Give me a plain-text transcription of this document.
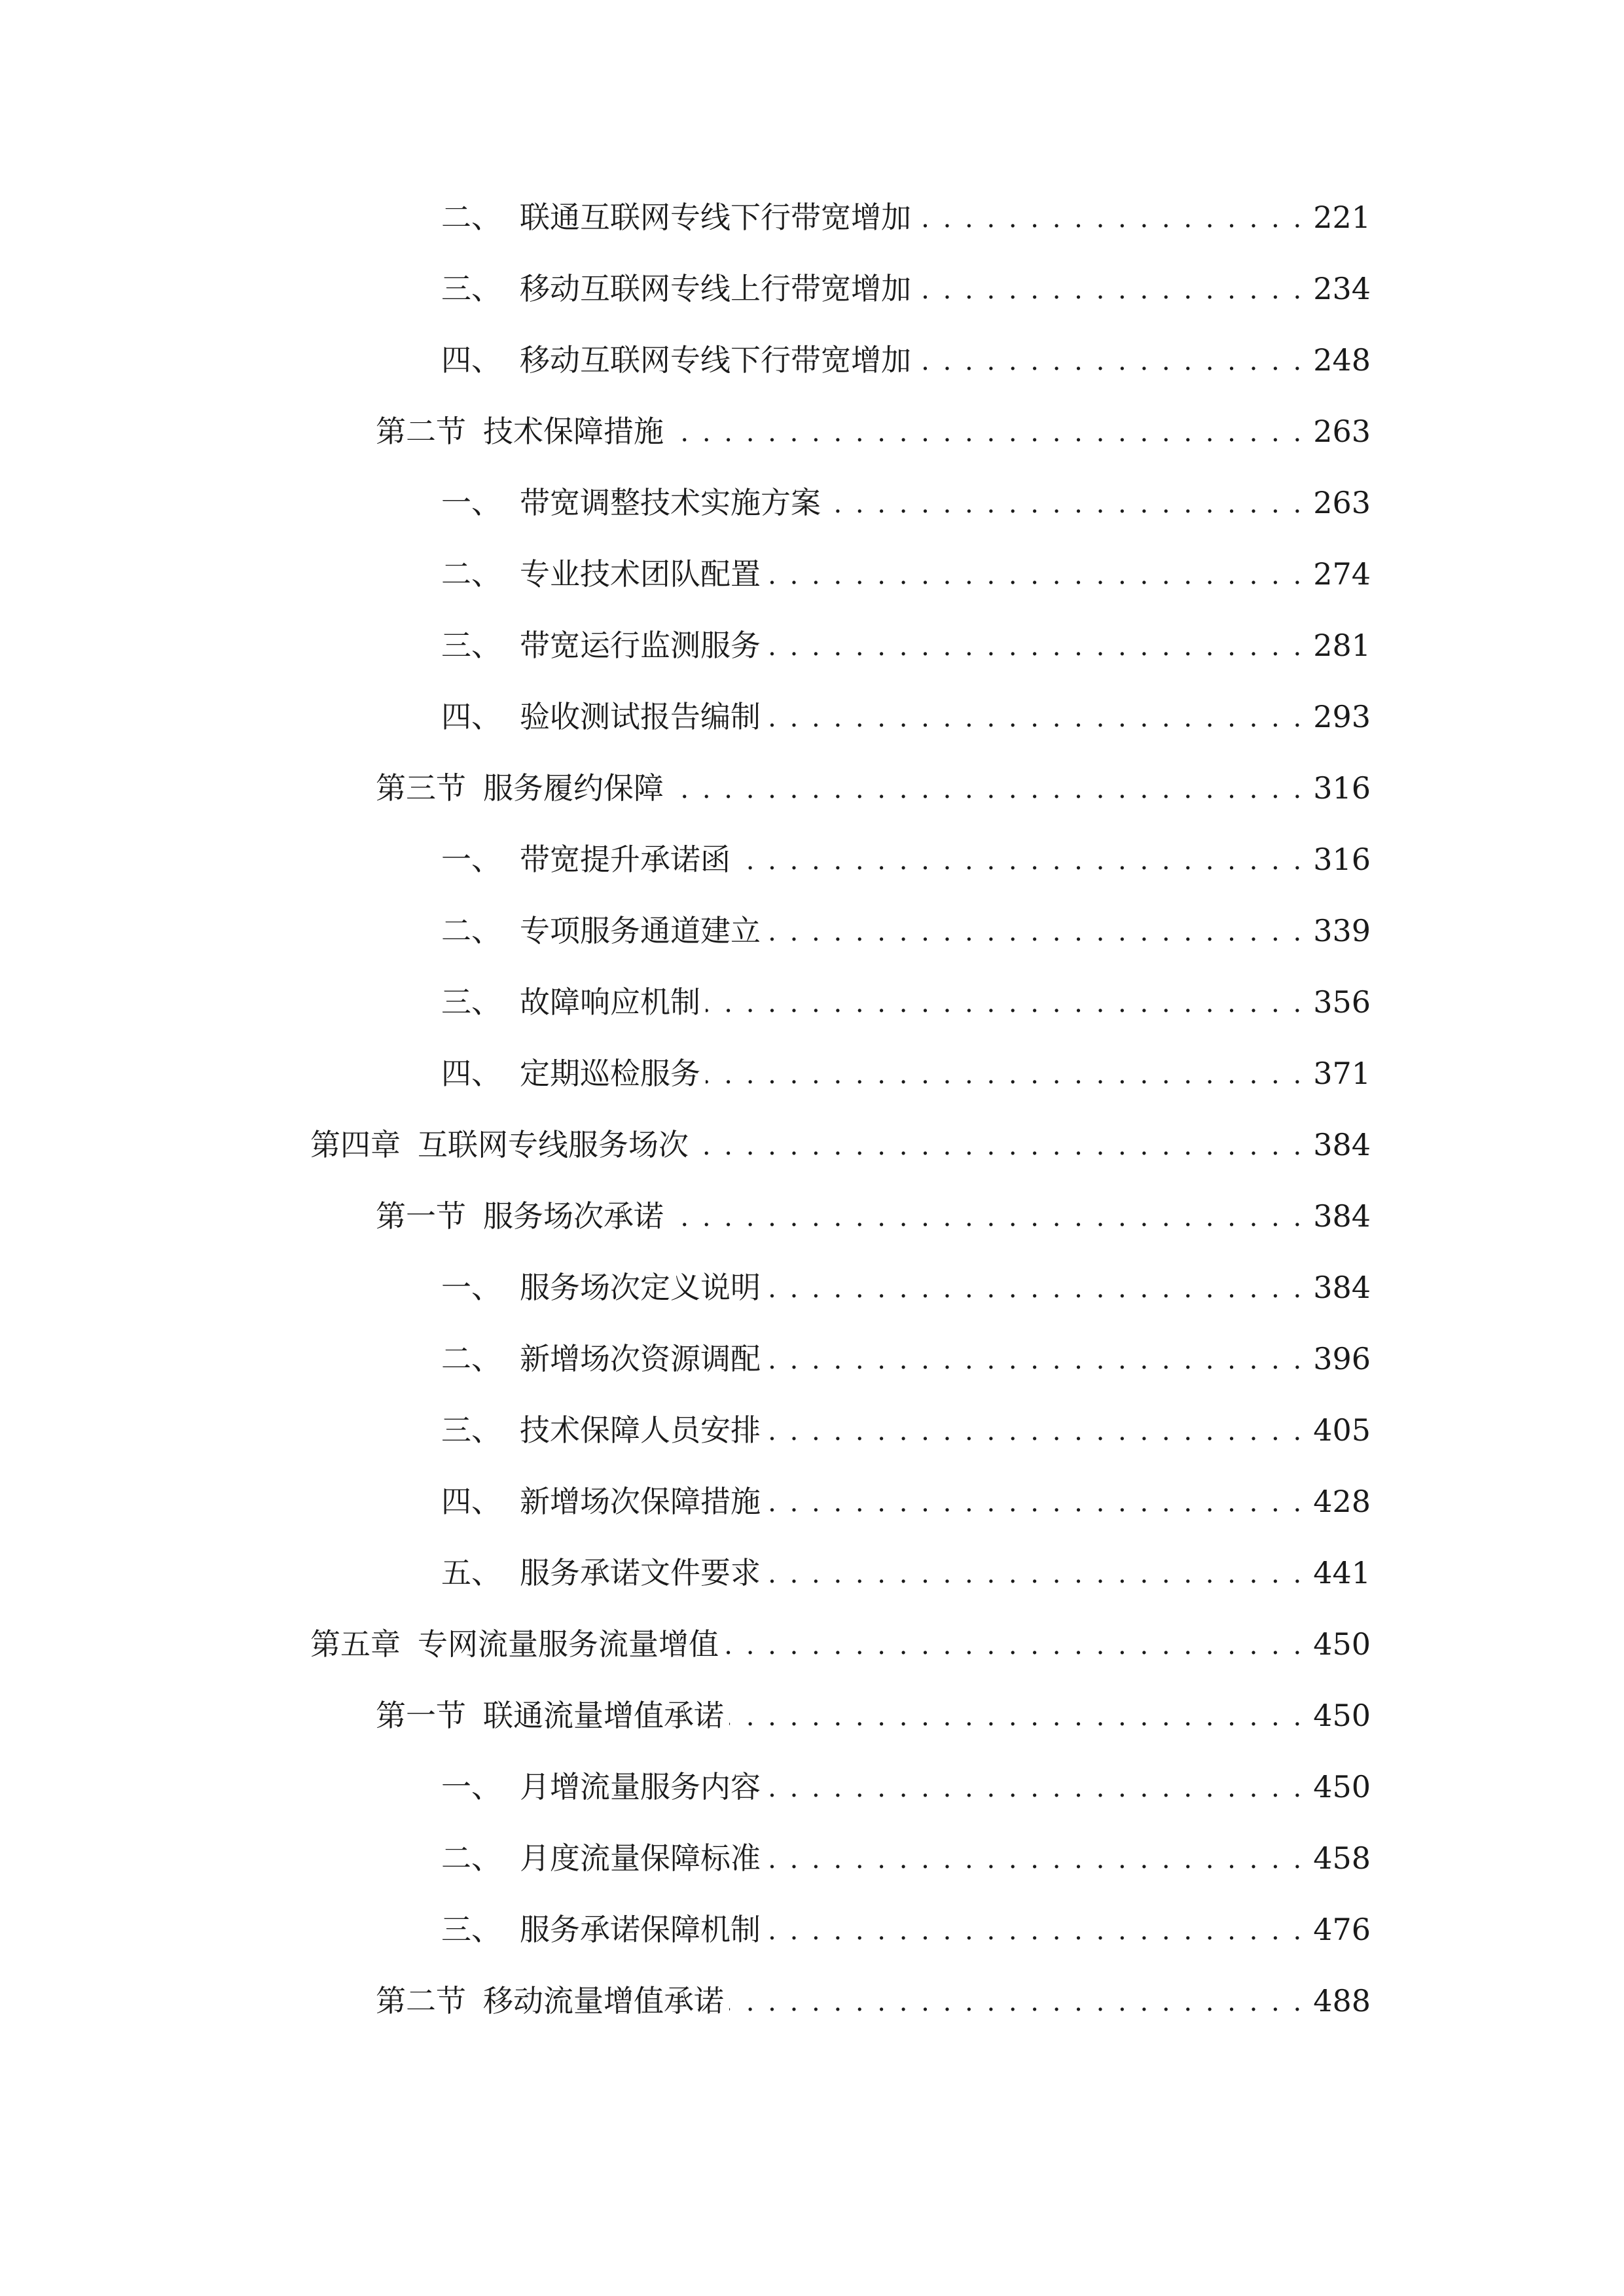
二、 联通互联网专线下行带宽增加 . . .	221
三、 移动互联网专线上行带宽增加 . . .	234
四、 移动互联网专线下行带宽增加 . . .	248
第二节 技术保障措施 . . .	263
一、 带宽调整技术实施方案 . . .	263
二、 专业技术团队配置 . . .	274
三、 带宽运行监测服务 . . .	281
四、 验收测试报告编制 . . .	293
第三节 服务履约保障 . . .	316
一、 带宽提升承诺函 . . .	316
二、 专项服务通道建立 . . .	339
三、 故障响应机制 . . .	356
四、 定期巡检服务 . . .	371
第四章 互联网专线服务场次 . . .	384
第一节 服务场次承诺 . . .	384
一、 服务场次定义说明 . . .	384
二、 新增场次资源调配 . . .	396
三、 技术保障人员安排 . . .	405
四、 新增场次保障措施 . . .	428
五、 服务承诺文件要求 . . .	441
第五章 专网流量服务流量增值 . . .	450
第一节 联通流量增值承诺 . . .	450
一、 月增流量服务内容 . . .	450
二、 月度流量保障标准 . . .	458
三、 服务承诺保障机制 . . .	476
第二节 移动流量增值承诺 . . .	488
